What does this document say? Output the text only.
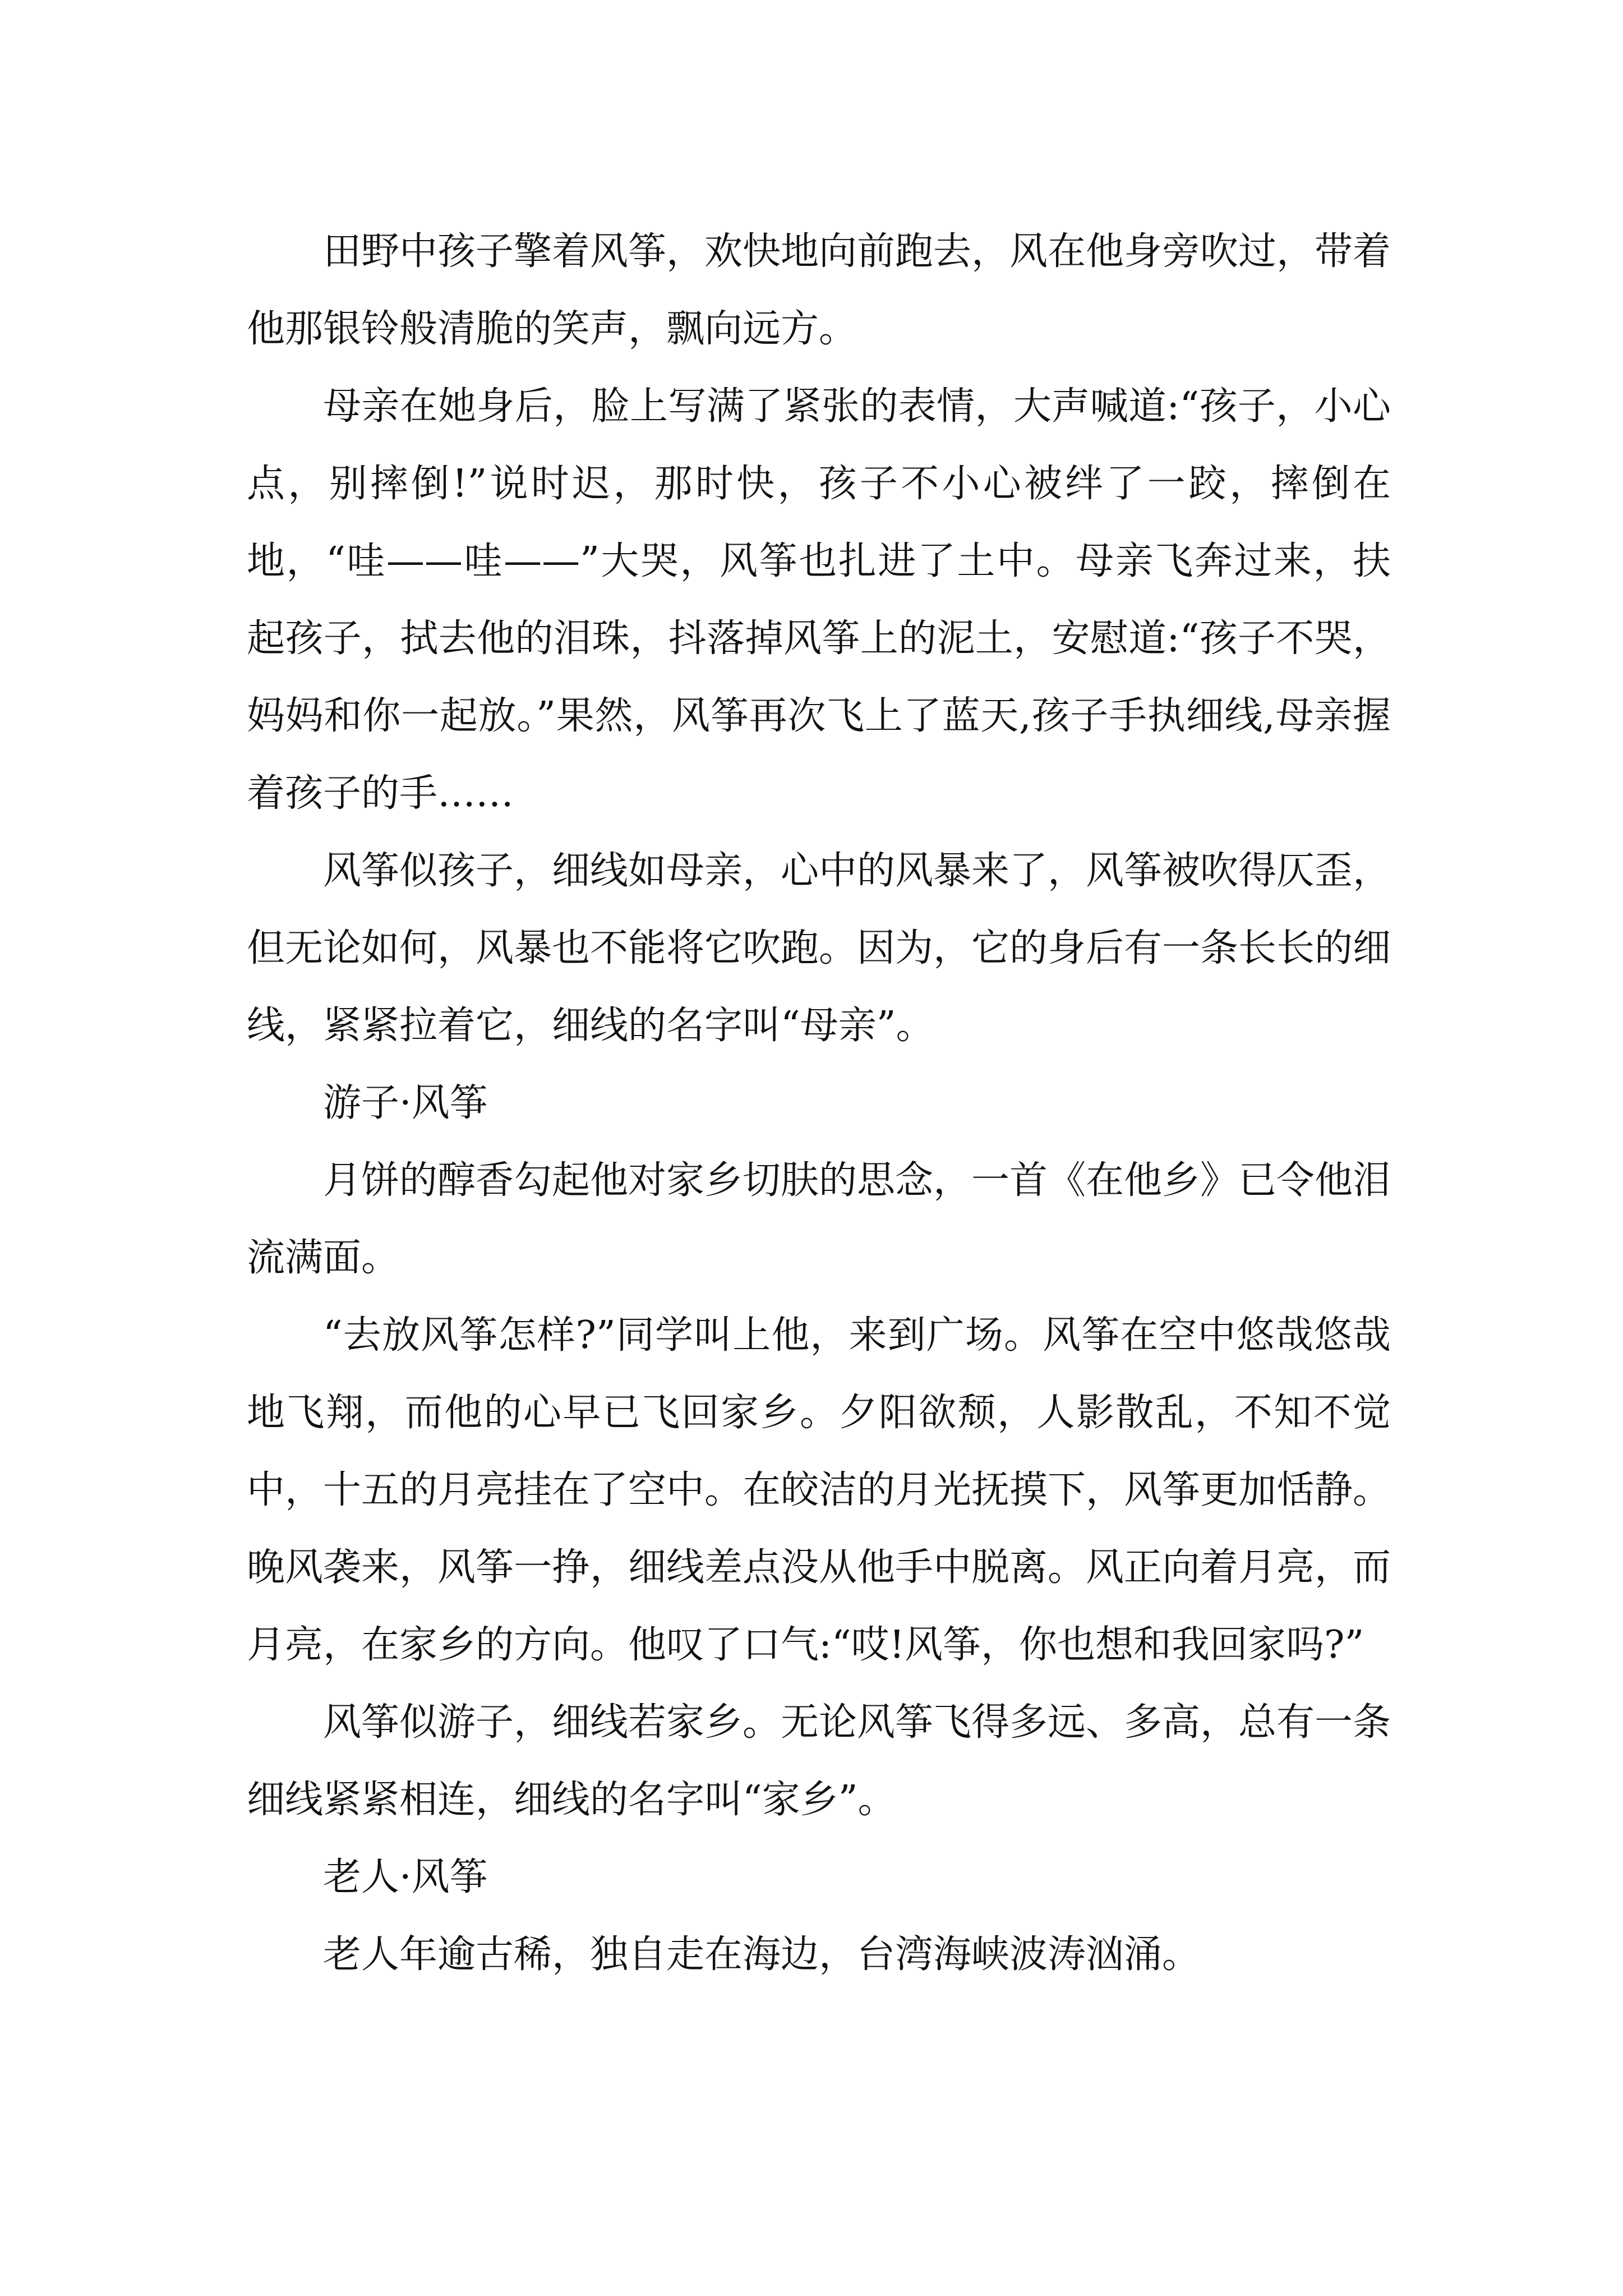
田野中孩子擎着风筝，欢快地向前跑去，风在他身旁吹过，带着他那银铃般清脆的笑声，飘向远方。

母亲在她身后，脸上写满了紧张的表情，大声喊道:“孩子，小心点，别摔倒!”说时迟，那时快，孩子不小心被绊了一跤，摔倒在地，“哇——哇——”大哭，风筝也扎进了土中。母亲飞奔过来，扶起孩子，拭去他的泪珠，抖落掉风筝上的泥土，安慰道:“孩子不哭，妈妈和你一起放。”果然，风筝再次飞上了蓝天,孩子手执细线,母亲握着孩子的手……

风筝似孩子，细线如母亲，心中的风暴来了，风筝被吹得仄歪，但无论如何，风暴也不能将它吹跑。因为，它的身后有一条长长的细线，紧紧拉着它，细线的名字叫“母亲”。

游子·风筝

月饼的醇香勾起他对家乡切肤的思念，一首《在他乡》已令他泪流满面。

“去放风筝怎样?”同学叫上他，来到广场。风筝在空中悠哉悠哉地飞翔，而他的心早已飞回家乡。夕阳欲颓，人影散乱，不知不觉中，十五的月亮挂在了空中。在皎洁的月光抚摸下，风筝更加恬静。晚风袭来，风筝一挣，细线差点没从他手中脱离。风正向着月亮，而月亮，在家乡的方向。他叹了口气:“哎!风筝，你也想和我回家吗?”

风筝似游子，细线若家乡。无论风筝飞得多远、多高，总有一条细线紧紧相连，细线的名字叫“家乡”。

老人·风筝

老人年逾古稀，独自走在海边，台湾海峡波涛汹涌。
